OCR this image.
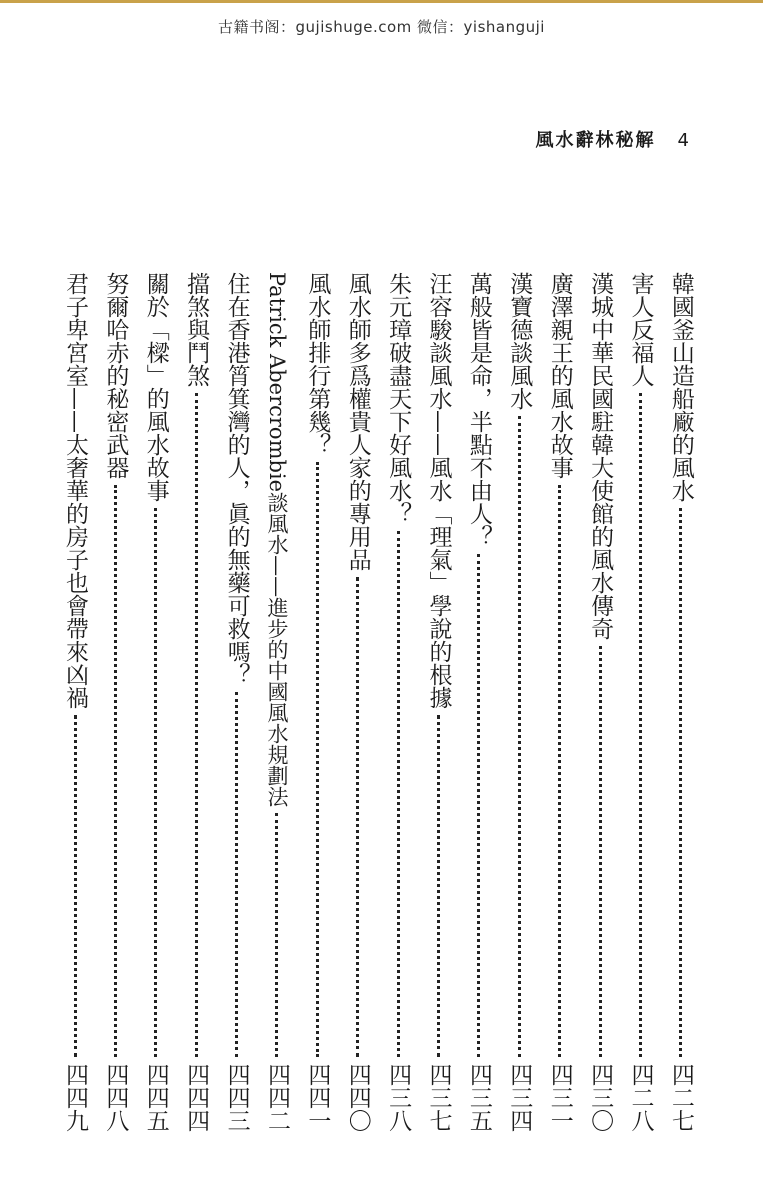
古籍书阁：gujishuge.com 微信：yishanguji
風水辭林秘解 4
韓國釜山造船廠的風水
四二七
害人反福人
四二八
漢城中華民國駐韓大使館的風水傳奇
四三〇
廣澤親王的風水故事
四三一
漢寶德談風水
四三四
萬般皆是命，半點不由人？
四三五
汪容駿談風水——風水「理氣」學說的根據
四三七
朱元璋破盡天下好風水？
四三八
風水師多爲權貴人家的專用品
四四〇
風水師排行第幾？
四四一
Patrick Abercrombie談風水——進步的中國風水規劃法
四四二
住在香港筲箕灣的人，眞的無藥可救嗎？
四四三
擋煞與鬥煞
四四四
關於「樑」的風水故事
四四五
努爾哈赤的秘密武器
四四八
君子卑宮室——太奢華的房子也會帶來凶禍
四四九
